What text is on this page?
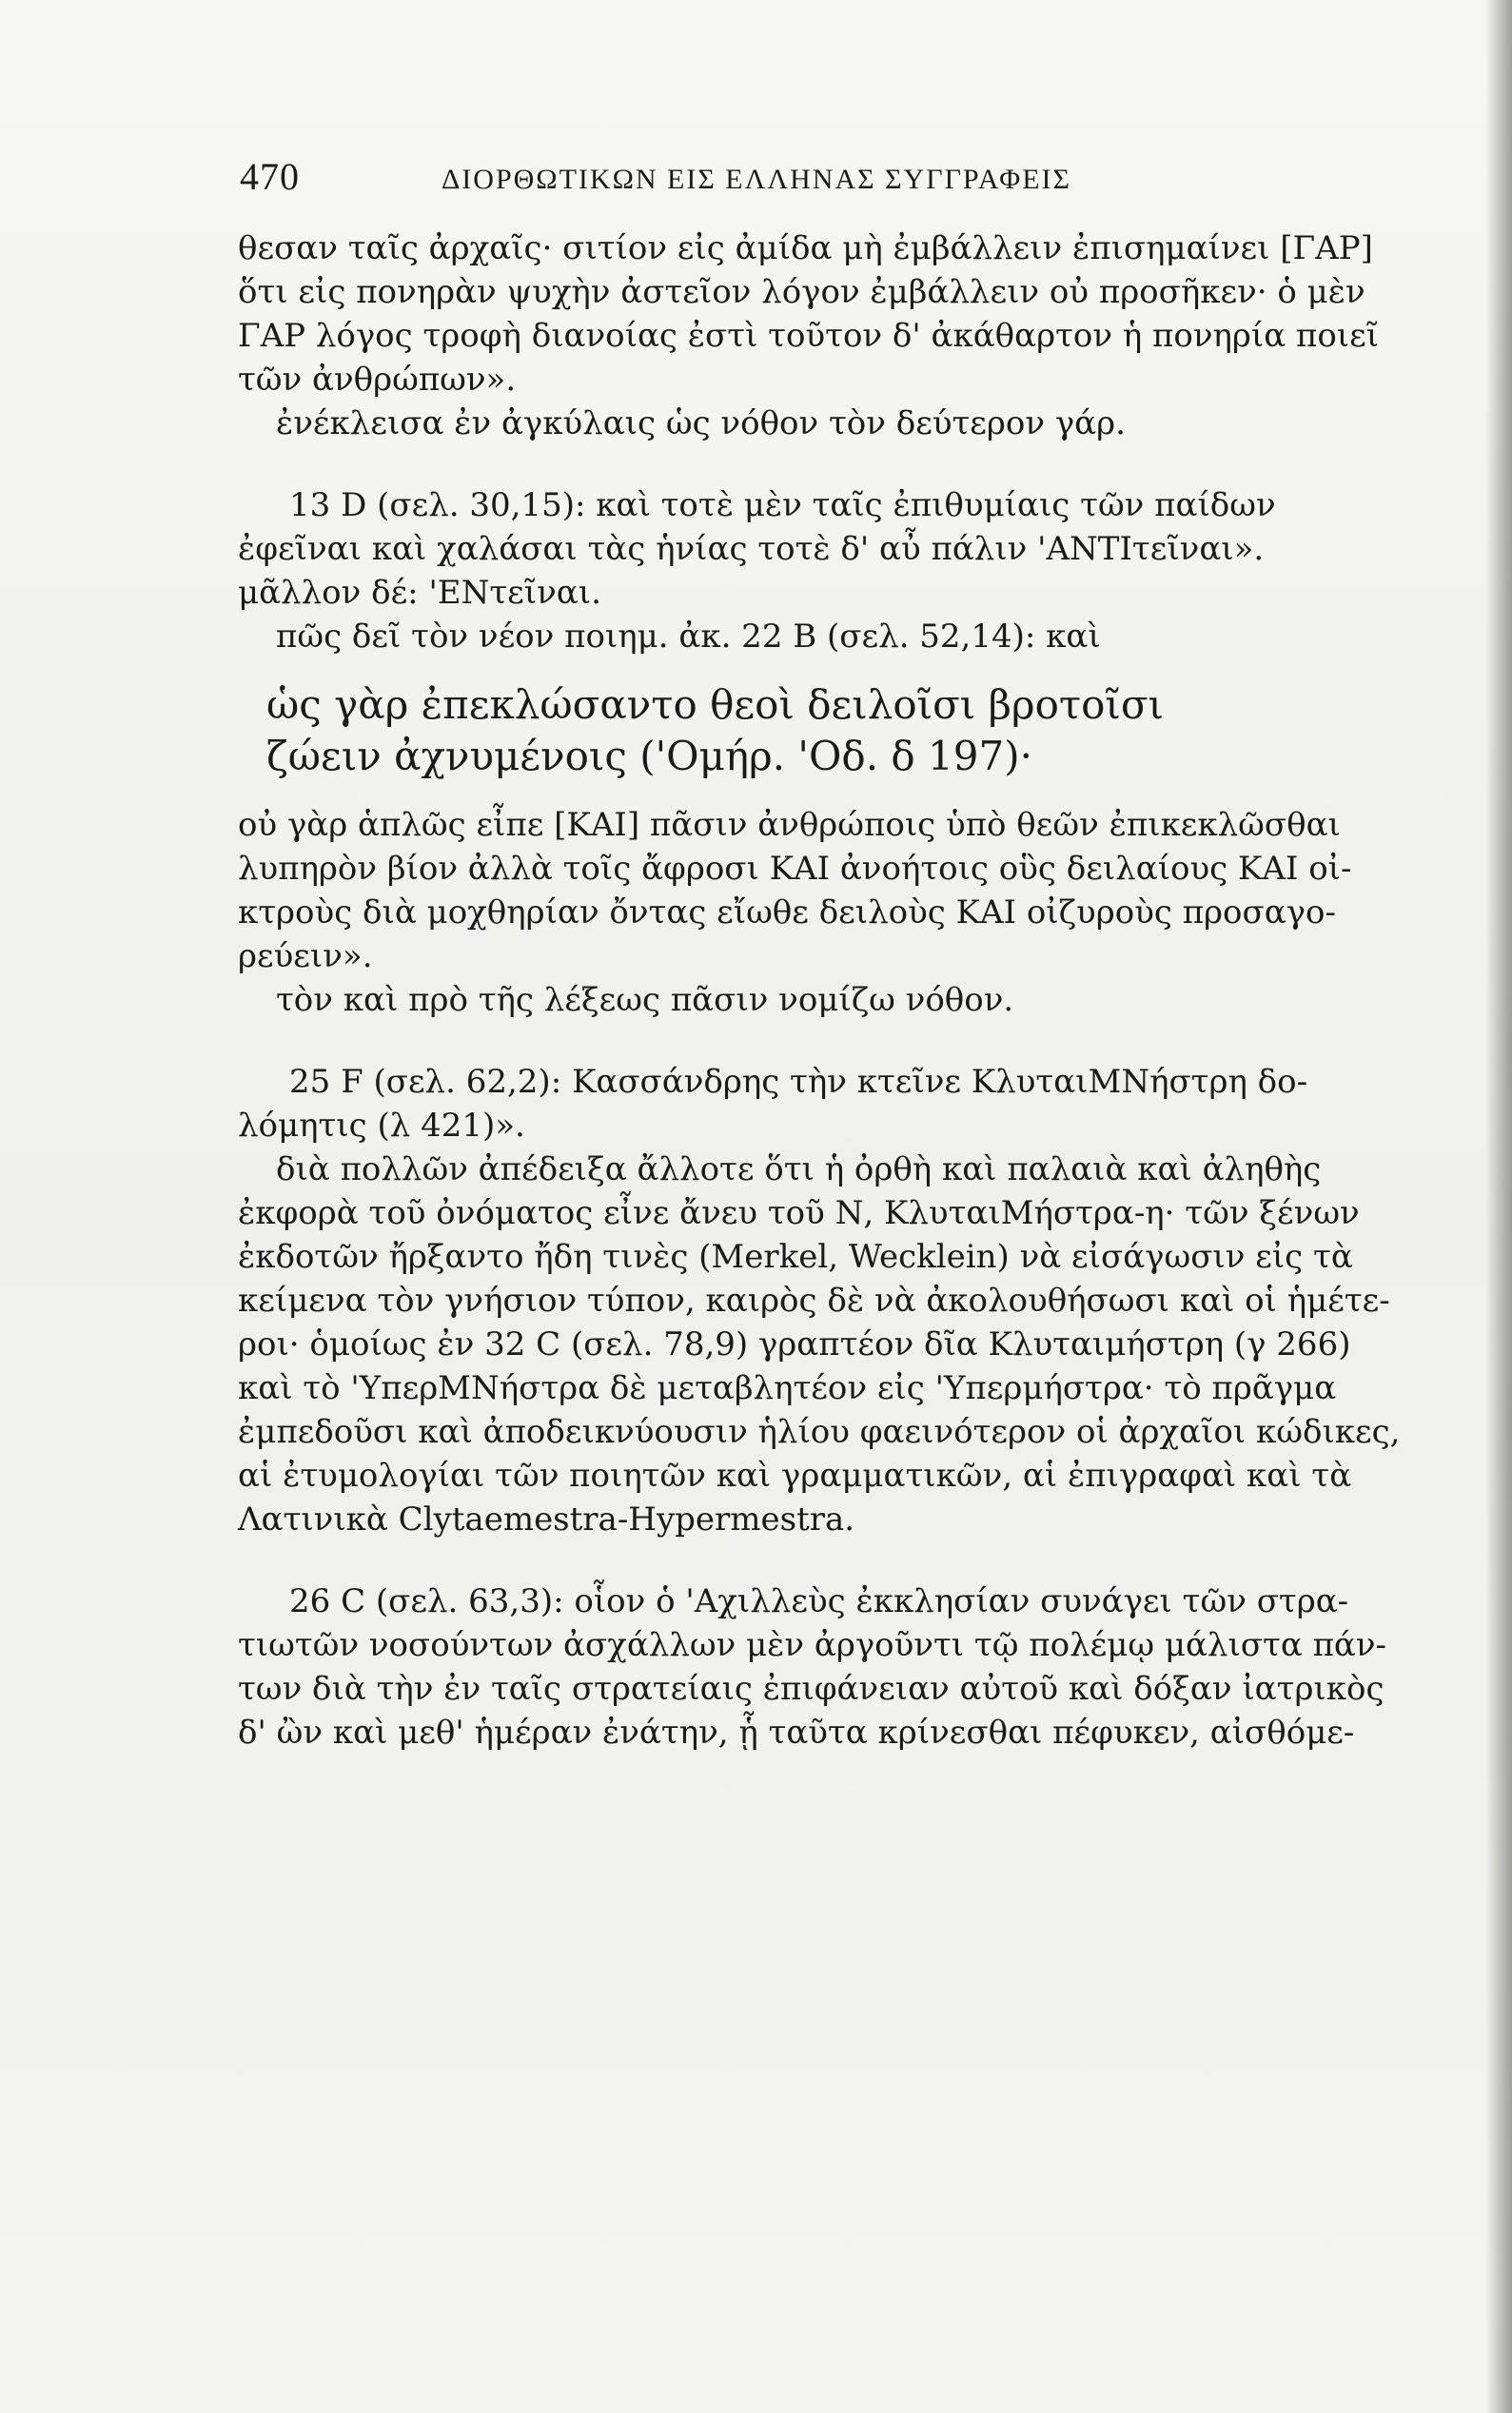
470	ΔΙΟΡΘΩΤΙΚΩΝ ΕΙΣ ΕΛΛΗΝΑΣ ΣΥΓΓΡΑΦΕΙΣ

θεσαν ταῖς ἀρχαῖς· σιτίον εἰς ἀμίδα μὴ ἐμβάλλειν ἐπισημαίνει [ΓΑΡ]

ὅτι εἰς πονηρὰν ψυχὴν ἀστεῖον λόγον ἐμβάλλειν οὐ προσῆκεν· ὁ μὲν

ΓΑΡ λόγος τροφὴ διανοίας ἐστὶ τοῦτον δ' ἀκάθαρτον ἡ πονηρία ποιεῖ

τῶν ἀνθρώπων».

ἐνέκλεισα ἐν ἀγκύλαις ὡς νόθον τὸν δεύτερον γάρ.

13 D (σελ. 30,15): καὶ τοτὲ μὲν ταῖς ἐπιθυμίαις τῶν παίδων

ἐφεῖναι καὶ χαλάσαι τὰς ἡνίας τοτὲ δ' αὖ πάλιν 'ΑΝΤΙτεῖναι».

μᾶλλον δέ: 'ΕΝτεῖναι.

πῶς δεῖ τὸν νέον ποιημ. ἀκ. 22 B (σελ. 52,14): καὶ

ὡς γὰρ ἐπεκλώσαντο θεοὶ δειλοῖσι βροτοῖσι

ζώειν ἀχνυμένοις ('Ομήρ. 'Οδ. δ 197)·

οὐ γὰρ ἁπλῶς εἶπε [ΚΑΙ] πᾶσιν ἀνθρώποις ὑπὸ θεῶν ἐπικεκλῶσθαι

λυπηρὸν βίον ἀλλὰ τοῖς ἄφροσι ΚΑΙ ἀνοήτοις οὓς δειλαίους ΚΑΙ οἰ-

κτροὺς διὰ μοχθηρίαν ὄντας εἴωθε δειλοὺς ΚΑΙ οἰζυροὺς προσαγο-

ρεύειν».

τὸν καὶ πρὸ τῆς λέξεως πᾶσιν νομίζω νόθον.

25 F (σελ. 62,2): Κασσάνδρης τὴν κτεῖνε ΚλυταιΜΝήστρη δο-

λόμητις (λ 421)».

διὰ πολλῶν ἀπέδειξα ἄλλοτε ὅτι ἡ ὀρθὴ καὶ παλαιὰ καὶ ἀληθὴς

ἐκφορὰ τοῦ ὀνόματος εἶνε ἄνευ τοῦ Ν, ΚλυταιΜήστρα-η· τῶν ξένων

ἐκδοτῶν ἤρξαντο ἤδη τινὲς (Merkel, Wecklein) νὰ εἰσάγωσιν εἰς τὰ

κείμενα τὸν γνήσιον τύπον, καιρὸς δὲ νὰ ἀκολουθήσωσι καὶ οἱ ἡμέτε-

ροι· ὁμοίως ἐν 32 C (σελ. 78,9) γραπτέον δῖα Κλυταιμήστρη (γ 266)

καὶ τὸ 'ΥπερΜΝήστρα δὲ μεταβλητέον εἰς 'Υπερμήστρα· τὸ πρᾶγμα

ἐμπεδοῦσι καὶ ἀποδεικνύουσιν ἡλίου φαεινότερον οἱ ἀρχαῖοι κώδικες,

αἱ ἐτυμολογίαι τῶν ποιητῶν καὶ γραμματικῶν, αἱ ἐπιγραφαὶ καὶ τὰ

Λατινικὰ Clytaemestra-Hypermestra.

26 C (σελ. 63,3): οἷον ὁ 'Αχιλλεὺς ἐκκλησίαν συνάγει τῶν στρα-

τιωτῶν νοσούντων ἀσχάλλων μὲν ἀργοῦντι τῷ πολέμῳ μάλιστα πάν-

των διὰ τὴν ἐν ταῖς στρατείαις ἐπιφάνειαν αὐτοῦ καὶ δόξαν ἰατρικὸς

δ' ὢν καὶ μεθ' ἡμέραν ἐνάτην, ᾗ ταῦτα κρίνεσθαι πέφυκεν, αἰσθόμε-
